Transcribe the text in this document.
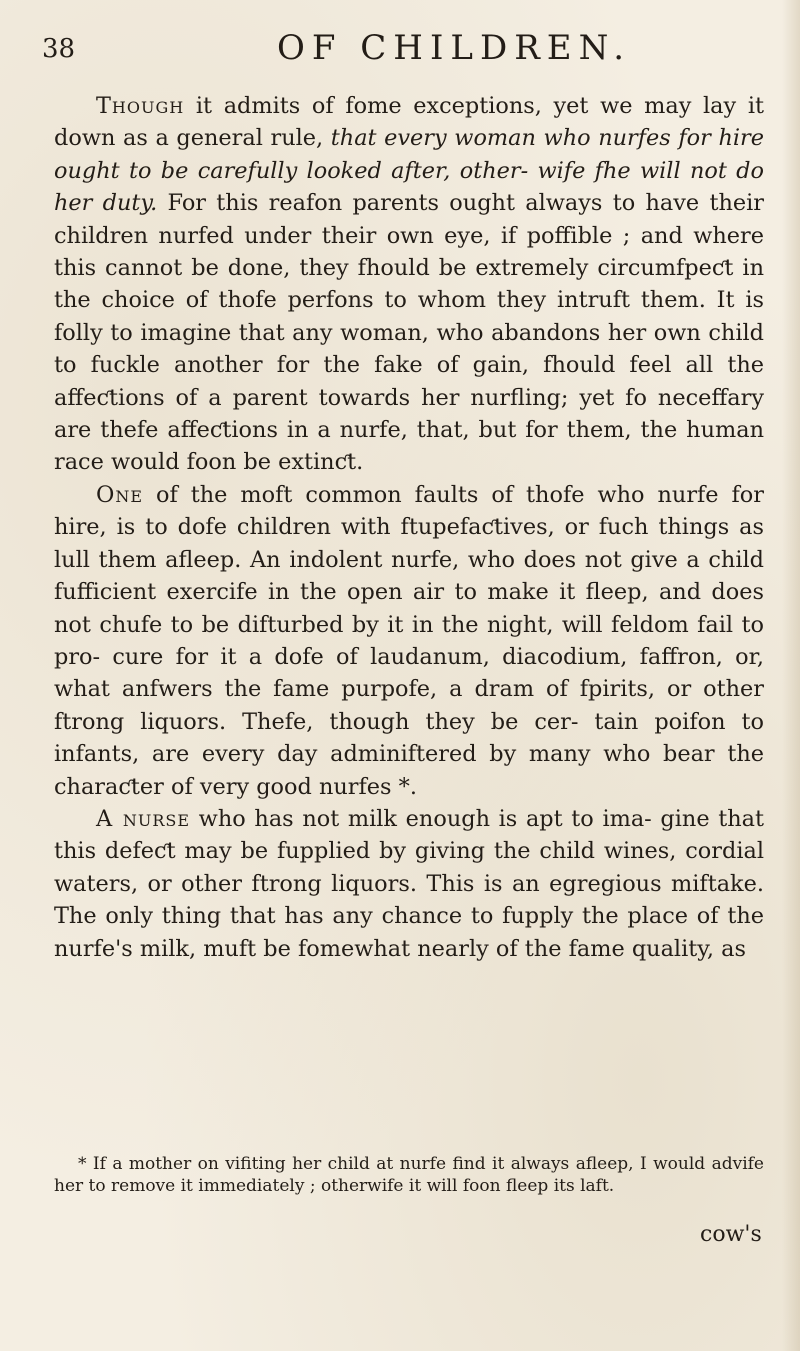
38	OF CHILDREN.

Though it admits of fome exceptions, yet we may lay it down as a general rule, that every woman who nurfes for hire ought to be carefully looked after, other- wife fhe will not do her duty. For this reafon parents ought always to have their children nurfed under their own eye, if poffible ; and where this cannot be done, they fhould be extremely circumfpeƈt in the choice of thofe perfons to whom they intruft them. It is folly to imagine that any woman, who abandons her own child to fuckle another for the fake of gain, fhould feel all the affeƈtions of a parent towards her nurfling; yet fo neceffary are thefe affeƈtions in a nurfe, that, but for them, the human race would foon be extinƈt.

One of the moft common faults of thofe who nurfe for hire, is to dofe children with ftupefaƈtives, or fuch things as lull them afleep. An indolent nurfe, who does not give a child fufficient exercife in the open air to make it fleep, and does not chufe to be difturbed by it in the night, will feldom fail to pro- cure for it a dofe of laudanum, diacodium, faffron, or, what anfwers the fame purpofe, a dram of fpirits, or other ftrong liquors. Thefe, though they be cer- tain poifon to infants, are every day adminiftered by many who bear the charaƈter of very good nurfes *.

A nurse who has not milk enough is apt to ima- gine that this defeƈt may be fupplied by giving the child wines, cordial waters, or other ftrong liquors. This is an egregious miftake. The only thing that has any chance to fupply the place of the nurfe's milk, muft be fomewhat nearly of the fame quality, as

* If a mother on vifiting her child at nurfe find it always afleep, I would advife her to remove it immediately ; otherwife it will foon fleep its laft.

cow's
